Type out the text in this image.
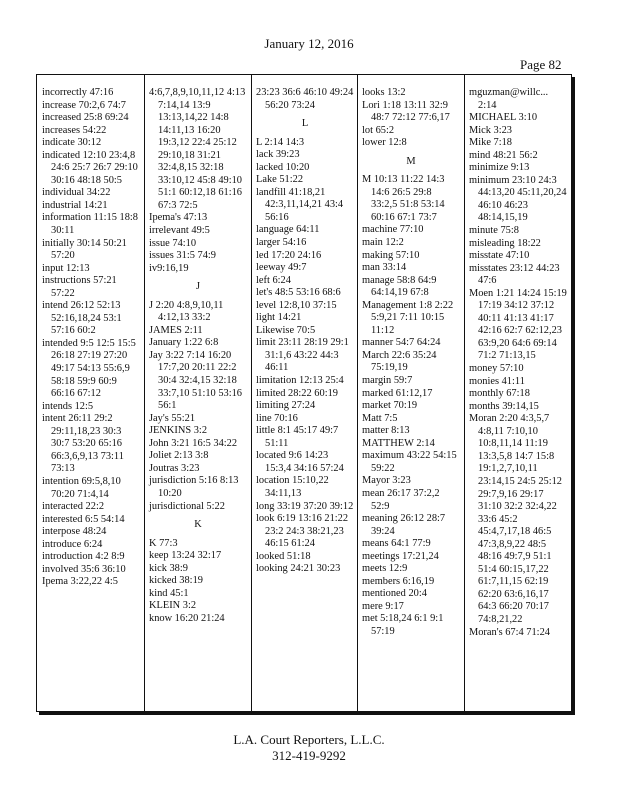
January 12, 2016
Page 82
incorrectly 47:16
increase 70:2,6 74:7
increased 25:8 69:24
increases 54:22
indicate 30:12
indicated 12:10 23:4,8 24:6 25:7 26:7 29:10 30:16 48:18 50:5
individual 34:22
industrial 14:21
information 11:15 18:8 30:11
initially 30:14 50:21 57:20
input 12:13
instructions 57:21 57:22
intend 26:12 52:13 52:16,18,24 53:1 57:16 60:2
intended 9:5 12:5 15:5 26:18 27:19 27:20 49:17 54:13 55:6,9 58:18 59:9 60:9 66:16 67:12
intends 12:5
intent 26:11 29:2 29:11,18,23 30:3 30:7 53:20 65:16 66:3,6,9,13 73:11 73:13
intention 69:5,8,10 70:20 71:4,14
interacted 22:2
interested 6:5 54:14
interpose 48:24
introduce 6:24
introduction 4:2 8:9
involved 35:6 36:10
Ipema 3:22,22 4:5
4:6,7,8,9,10,11,12 4:13 7:14,14 13:9 13:13,14,22 14:8 14:11,13 16:20 19:3,12 22:4 25:12 29:10,18 31:21 32:4,8,15 32:18 33:10,12 45:8 49:10 51:1 60:12,18 61:16 67:3 72:5
Ipema's 47:13
irrelevant 49:5
issue 74:10
issues 31:5 74:9
iv9:16,19
J
J 2:20 4:8,9,10,11 4:12,13 33:2
JAMES 2:11
January 1:22 6:8
Jay 3:22 7:14 16:20 17:7,20 20:11 22:2 30:4 32:4,15 32:18 33:7,10 51:10 53:16 56:1
Jay's 55:21
JENKINS 3:2
John 3:21 16:5 34:22
Joliet 2:13 3:8
Joutras 3:23
jurisdiction 5:16 8:13 10:20
jurisdictional 5:22
K
K 77:3
keep 13:24 32:17
kick 38:9
kicked 38:19
kind 45:1
KLEIN 3:2
know 16:20 21:24
23:23 36:6 46:10 49:24 56:20 73:24
L
L 2:14 14:3
lack 39:23
lacked 10:20
Lake 51:22
landfill 41:18,21 42:3,11,14,21 43:4 56:16
language 64:11
larger 54:16
led 17:20 24:16
leeway 49:7
left 6:24
let's 48:5 53:16 68:6
level 12:8,10 37:15
light 14:21
Likewise 70:5
limit 23:11 28:19 29:1 31:1,6 43:22 44:3 46:11
limitation 12:13 25:4
limited 28:22 60:19
limiting 27:24
line 70:16
little 8:1 45:17 49:7 51:11
located 9:6 14:23 15:3,4 34:16 57:24
location 15:10,22 34:11,13
long 33:19 37:20 39:12
look 6:19 13:16 21:22 23:2 24:3 38:21,23 46:15 61:24
looked 51:18
looking 24:21 30:23
looks 13:2
Lori 1:18 13:11 32:9 48:7 72:12 77:6,17
lot 65:2
lower 12:8
M
M 10:13 11:22 14:3 14:6 26:5 29:8 33:2,5 51:8 53:14 60:16 67:1 73:7
machine 77:10
main 12:2
making 57:10
man 33:14
manage 58:8 64:9 64:14,19 67:8
Management 1:8 2:22 5:9,21 7:11 10:15 11:12
manner 54:7 64:24
March 22:6 35:24 75:19,19
margin 59:7
marked 61:12,17
market 70:19
Matt 7:5
matter 8:13
MATTHEW 2:14
maximum 43:22 54:15 59:22
Mayor 3:23
mean 26:17 37:2,2 52:9
meaning 26:12 28:7 39:24
means 64:1 77:9
meetings 17:21,24
meets 12:9
members 6:16,19
mentioned 20:4
mere 9:17
met 5:18,24 6:1 9:1 57:19
mguzman@willc... 2:14
MICHAEL 3:10
Mick 3:23
Mike 7:18
mind 48:21 56:2
minimize 9:13
minimum 23:10 24:3 44:13,20 45:11,20,24 46:10 46:23 48:14,15,19
minute 75:8
misleading 18:22
misstate 47:10
misstates 23:12 44:23 47:6
Moen 1:21 14:24 15:19 17:19 34:12 37:12 40:11 41:13 41:17 42:16 62:7 62:12,23 63:9,20 64:6 69:14 71:2 71:13,15
money 57:10
monies 41:11
monthly 67:18
months 39:14,15
Moran 2:20 4:3,5,7 4:8,11 7:10,10 10:8,11,14 11:19 13:3,5,8 14:7 15:8 19:1,2,7,10,11 23:14,15 24:5 25:12 29:7,9,16 29:17 31:10 32:2 32:4,22 33:6 45:2 45:4,7,17,18 46:5 47:3,8,9,22 48:5 48:16 49:7,9 51:1 51:4 60:15,17,22 61:7,11,15 62:19 62:20 63:6,16,17 64:3 66:20 70:17 74:8,21,22
Moran's 67:4 71:24
L.A. Court Reporters, L.L.C.
312-419-9292
